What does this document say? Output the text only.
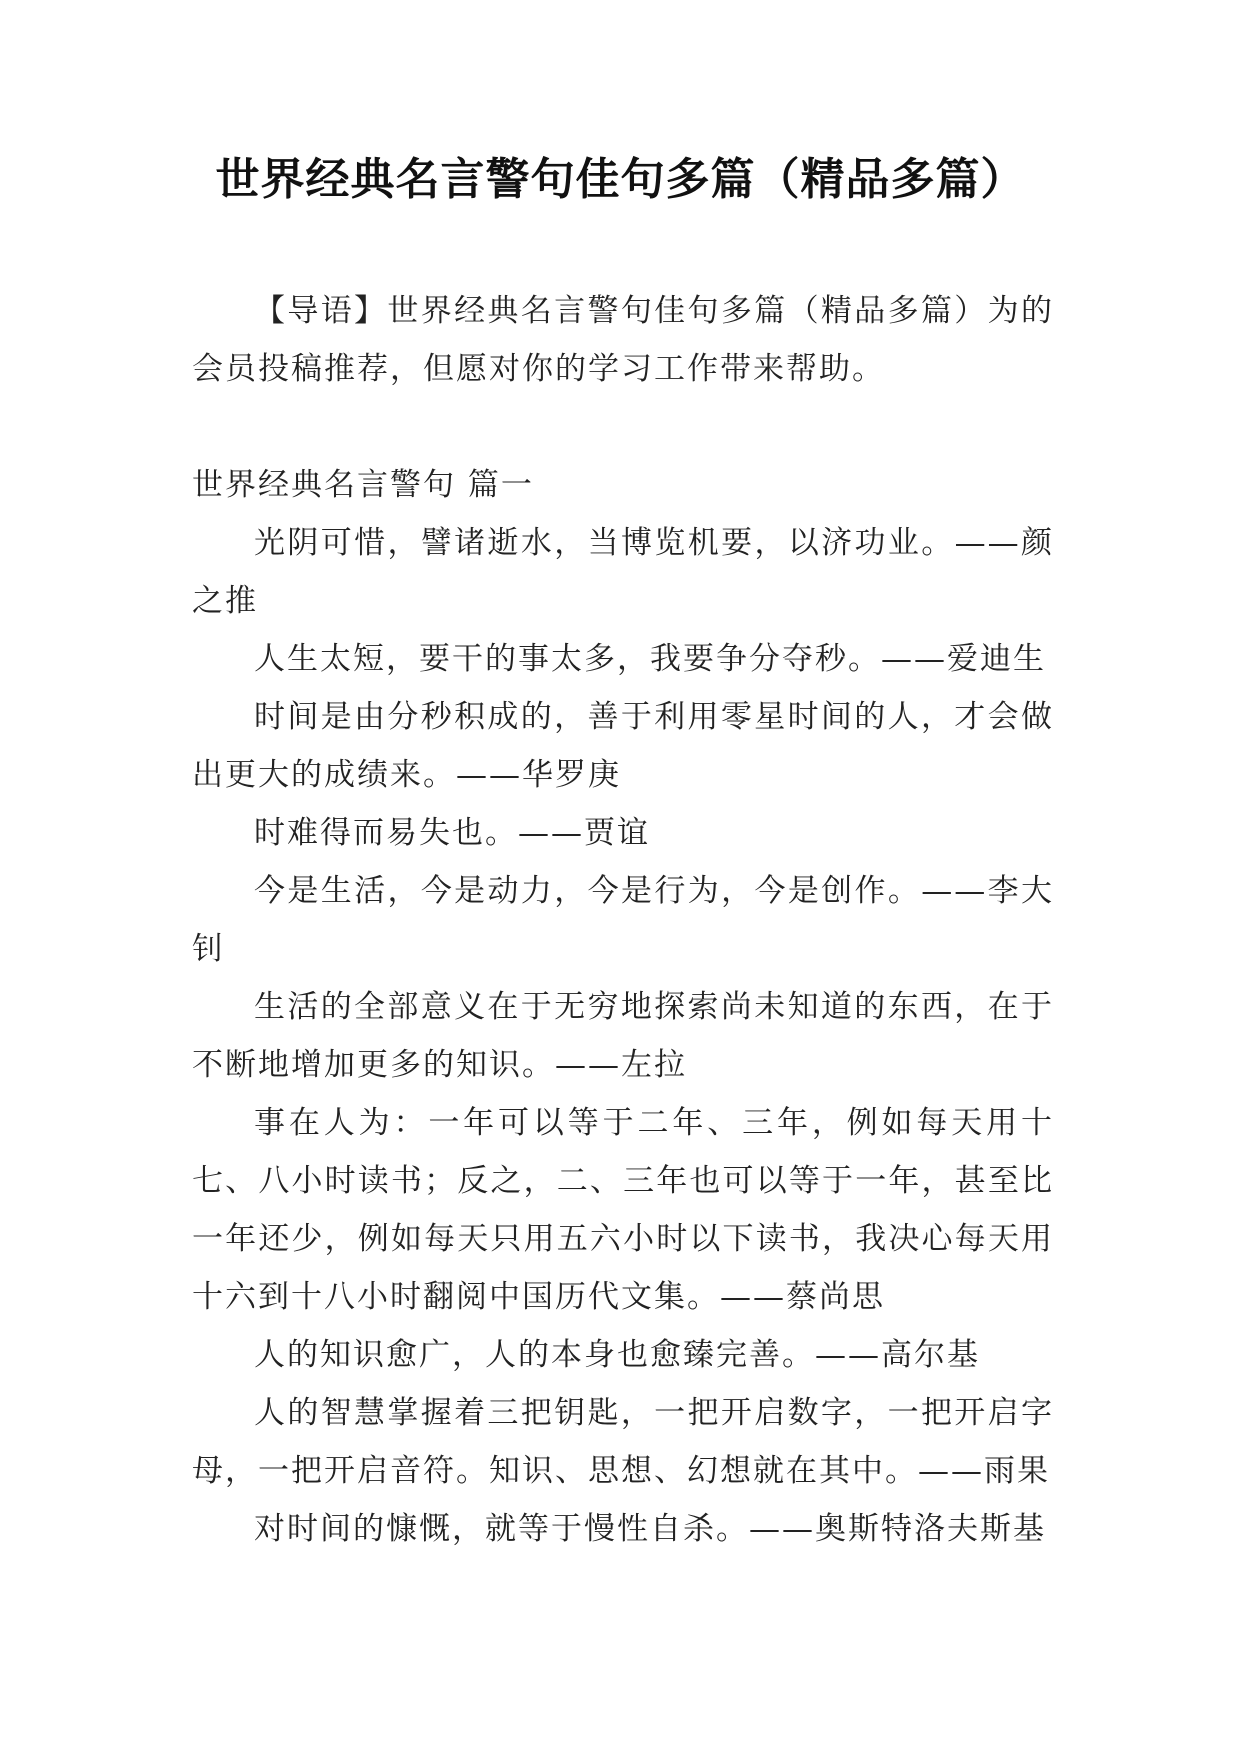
世界经典名言警句佳句多篇（精品多篇）

【导语】世界经典名言警句佳句多篇（精品多篇）为的会员投稿推荐，但愿对你的学习工作带来帮助。

世界经典名言警句 篇一

光阴可惜，譬诸逝水，当博览机要，以济功业。——颜之推

人生太短，要干的事太多，我要争分夺秒。——爱迪生

时间是由分秒积成的，善于利用零星时间的人，才会做出更大的成绩来。——华罗庚

时难得而易失也。——贾谊

今是生活，今是动力，今是行为，今是创作。——李大钊

生活的全部意义在于无穷地探索尚未知道的东西，在于不断地增加更多的知识。——左拉

事在人为：一年可以等于二年、三年，例如每天用十七、八小时读书；反之，二、三年也可以等于一年，甚至比一年还少，例如每天只用五六小时以下读书，我决心每天用十六到十八小时翻阅中国历代文集。——蔡尚思

人的知识愈广，人的本身也愈臻完善。——高尔基

人的智慧掌握着三把钥匙，一把开启数字，一把开启字母，一把开启音符。知识、思想、幻想就在其中。——雨果

对时间的慷慨，就等于慢性自杀。——奥斯特洛夫斯基
